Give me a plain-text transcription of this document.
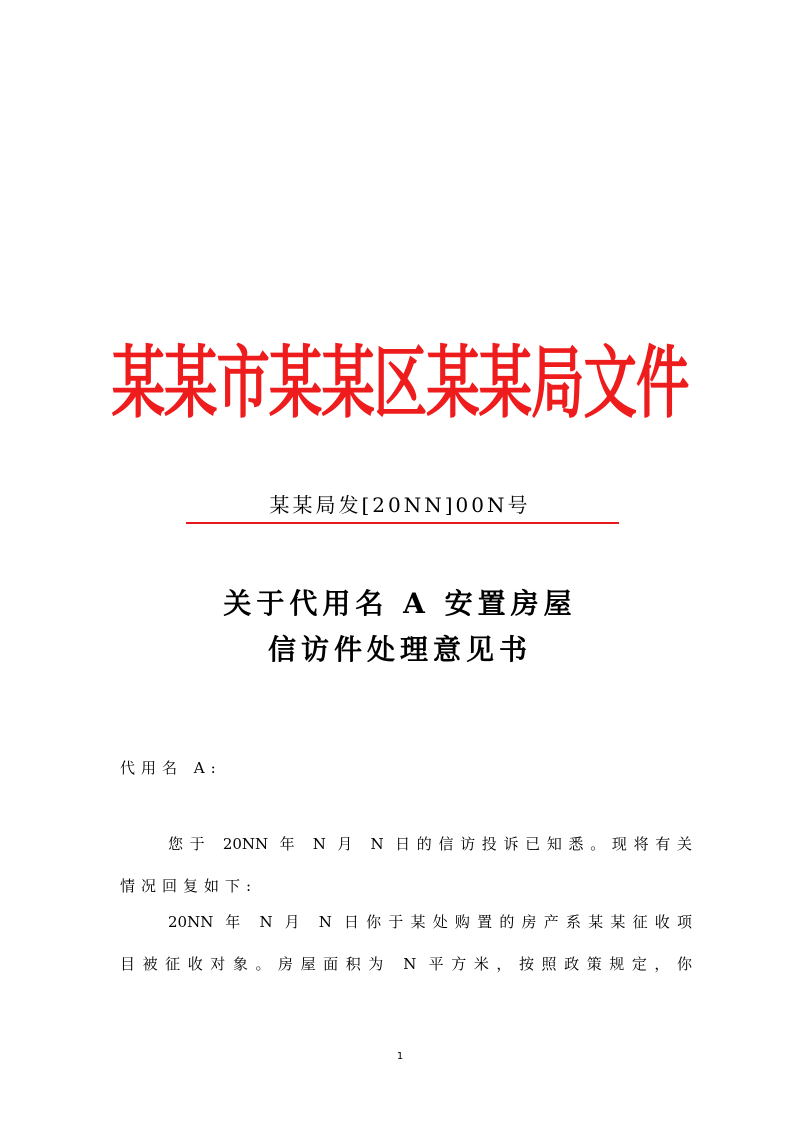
某某市某某区某某局文件
某某局发[20NN]00N号
关于代用名 A 安置房屋
信访件处理意见书
代用名 A:
您于 20NN 年 N 月 N 日的信访投诉已知悉。现将有关
情况回复如下:
20NN 年 N 月 N 日你于某处购置的房产系某某征收项
目被征收对象。房屋面积为 N 平方米，按照政策规定，你
1
